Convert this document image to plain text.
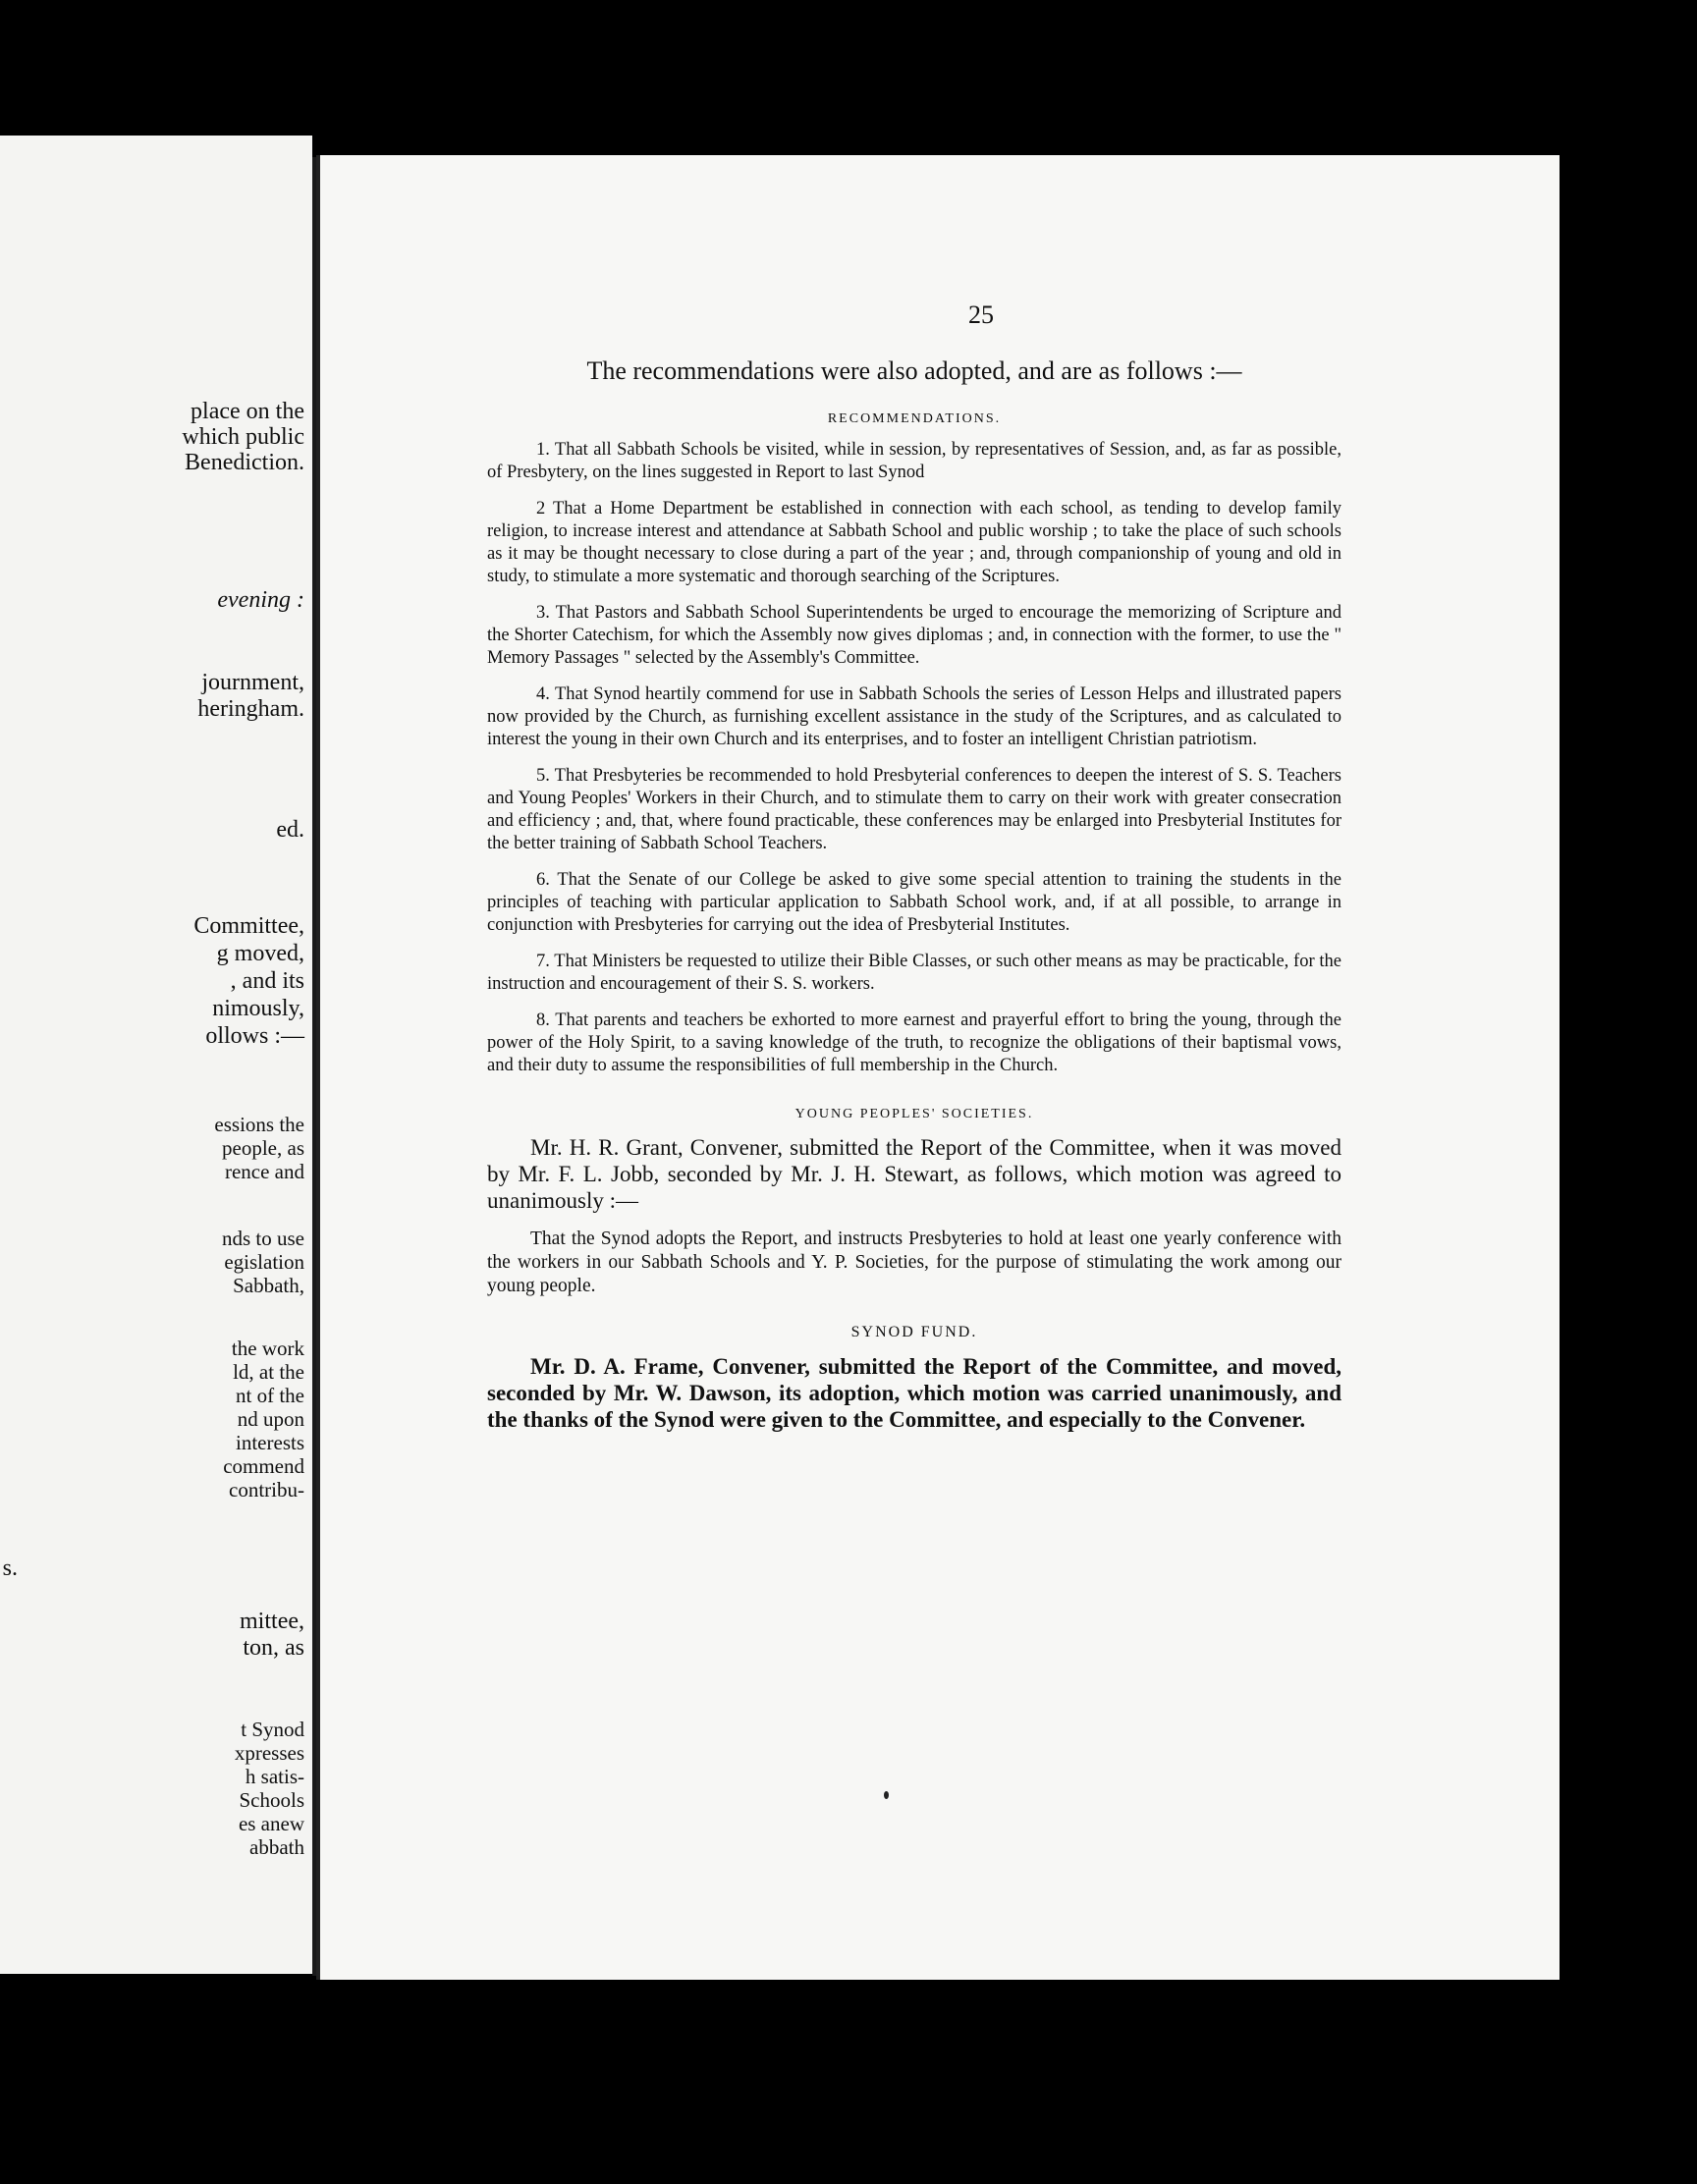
place on the
which public
Benediction.
evening :
journment,
heringham.
ed.
Committee,
g moved,
, and its
nimously,
ollows :—
essions the
people, as
rence and
nds to use
egislation
Sabbath,
the work
ld, at the
nt of the
nd upon
interests
commend
contribu-
s.
mittee,
ton, as
t Synod
xpresses
h satis-
Schools
es anew
abbath
25

The recommendations were also adopted, and are as follows :—

RECOMMENDATIONS.

1. That all Sabbath Schools be visited, while in session, by representatives of Session, and, as far as possible, of Presbytery, on the lines suggested in Report to last Synod

2 That a Home Department be established in connection with each school, as tending to develop family religion, to increase interest and attendance at Sabbath School and public worship ; to take the place of such schools as it may be thought necessary to close during a part of the year ; and, through companionship of young and old in study, to stimulate a more systematic and thorough searching of the Scriptures.

3. That Pastors and Sabbath School Superintendents be urged to encourage the memorizing of Scripture and the Shorter Catechism, for which the Assembly now gives diplomas ; and, in connection with the former, to use the " Memory Passages " selected by the Assembly's Committee.

4. That Synod heartily commend for use in Sabbath Schools the series of Lesson Helps and illustrated papers now provided by the Church, as furnishing excellent assistance in the study of the Scriptures, and as calculated to interest the young in their own Church and its enterprises, and to foster an intelligent Christian patriotism.

5. That Presbyteries be recommended to hold Presbyterial conferences to deepen the interest of S. S. Teachers and Young Peoples' Workers in their Church, and to stimulate them to carry on their work with greater consecration and efficiency ; and, that, where found practicable, these conferences may be enlarged into Presbyterial Institutes for the better training of Sabbath School Teachers.

6. That the Senate of our College be asked to give some special attention to training the students in the principles of teaching with particular application to Sabbath School work, and, if at all possible, to arrange in conjunction with Presbyteries for carrying out the idea of Presbyterial Institutes.

7. That Ministers be requested to utilize their Bible Classes, or such other means as may be practicable, for the instruction and encouragement of their S. S. workers.

8. That parents and teachers be exhorted to more earnest and prayerful effort to bring the young, through the power of the Holy Spirit, to a saving knowledge of the truth, to recognize the obligations of their baptismal vows, and their duty to assume the responsibilities of full membership in the Church.

YOUNG PEOPLES' SOCIETIES.

Mr. H. R. Grant, Convener, submitted the Report of the Committee, when it was moved by Mr. F. L. Jobb, seconded by Mr. J. H. Stewart, as follows, which motion was agreed to unanimously :—

That the Synod adopts the Report, and instructs Presbyteries to hold at least one yearly conference with the workers in our Sabbath Schools and Y. P. Societies, for the purpose of stimulating the work among our young people.

SYNOD FUND.

Mr. D. A. Frame, Convener, submitted the Report of the Committee, and moved, seconded by Mr. W. Dawson, its adoption, which motion was carried unanimously, and the thanks of the Synod were given to the Committee, and especially to the Convener.
